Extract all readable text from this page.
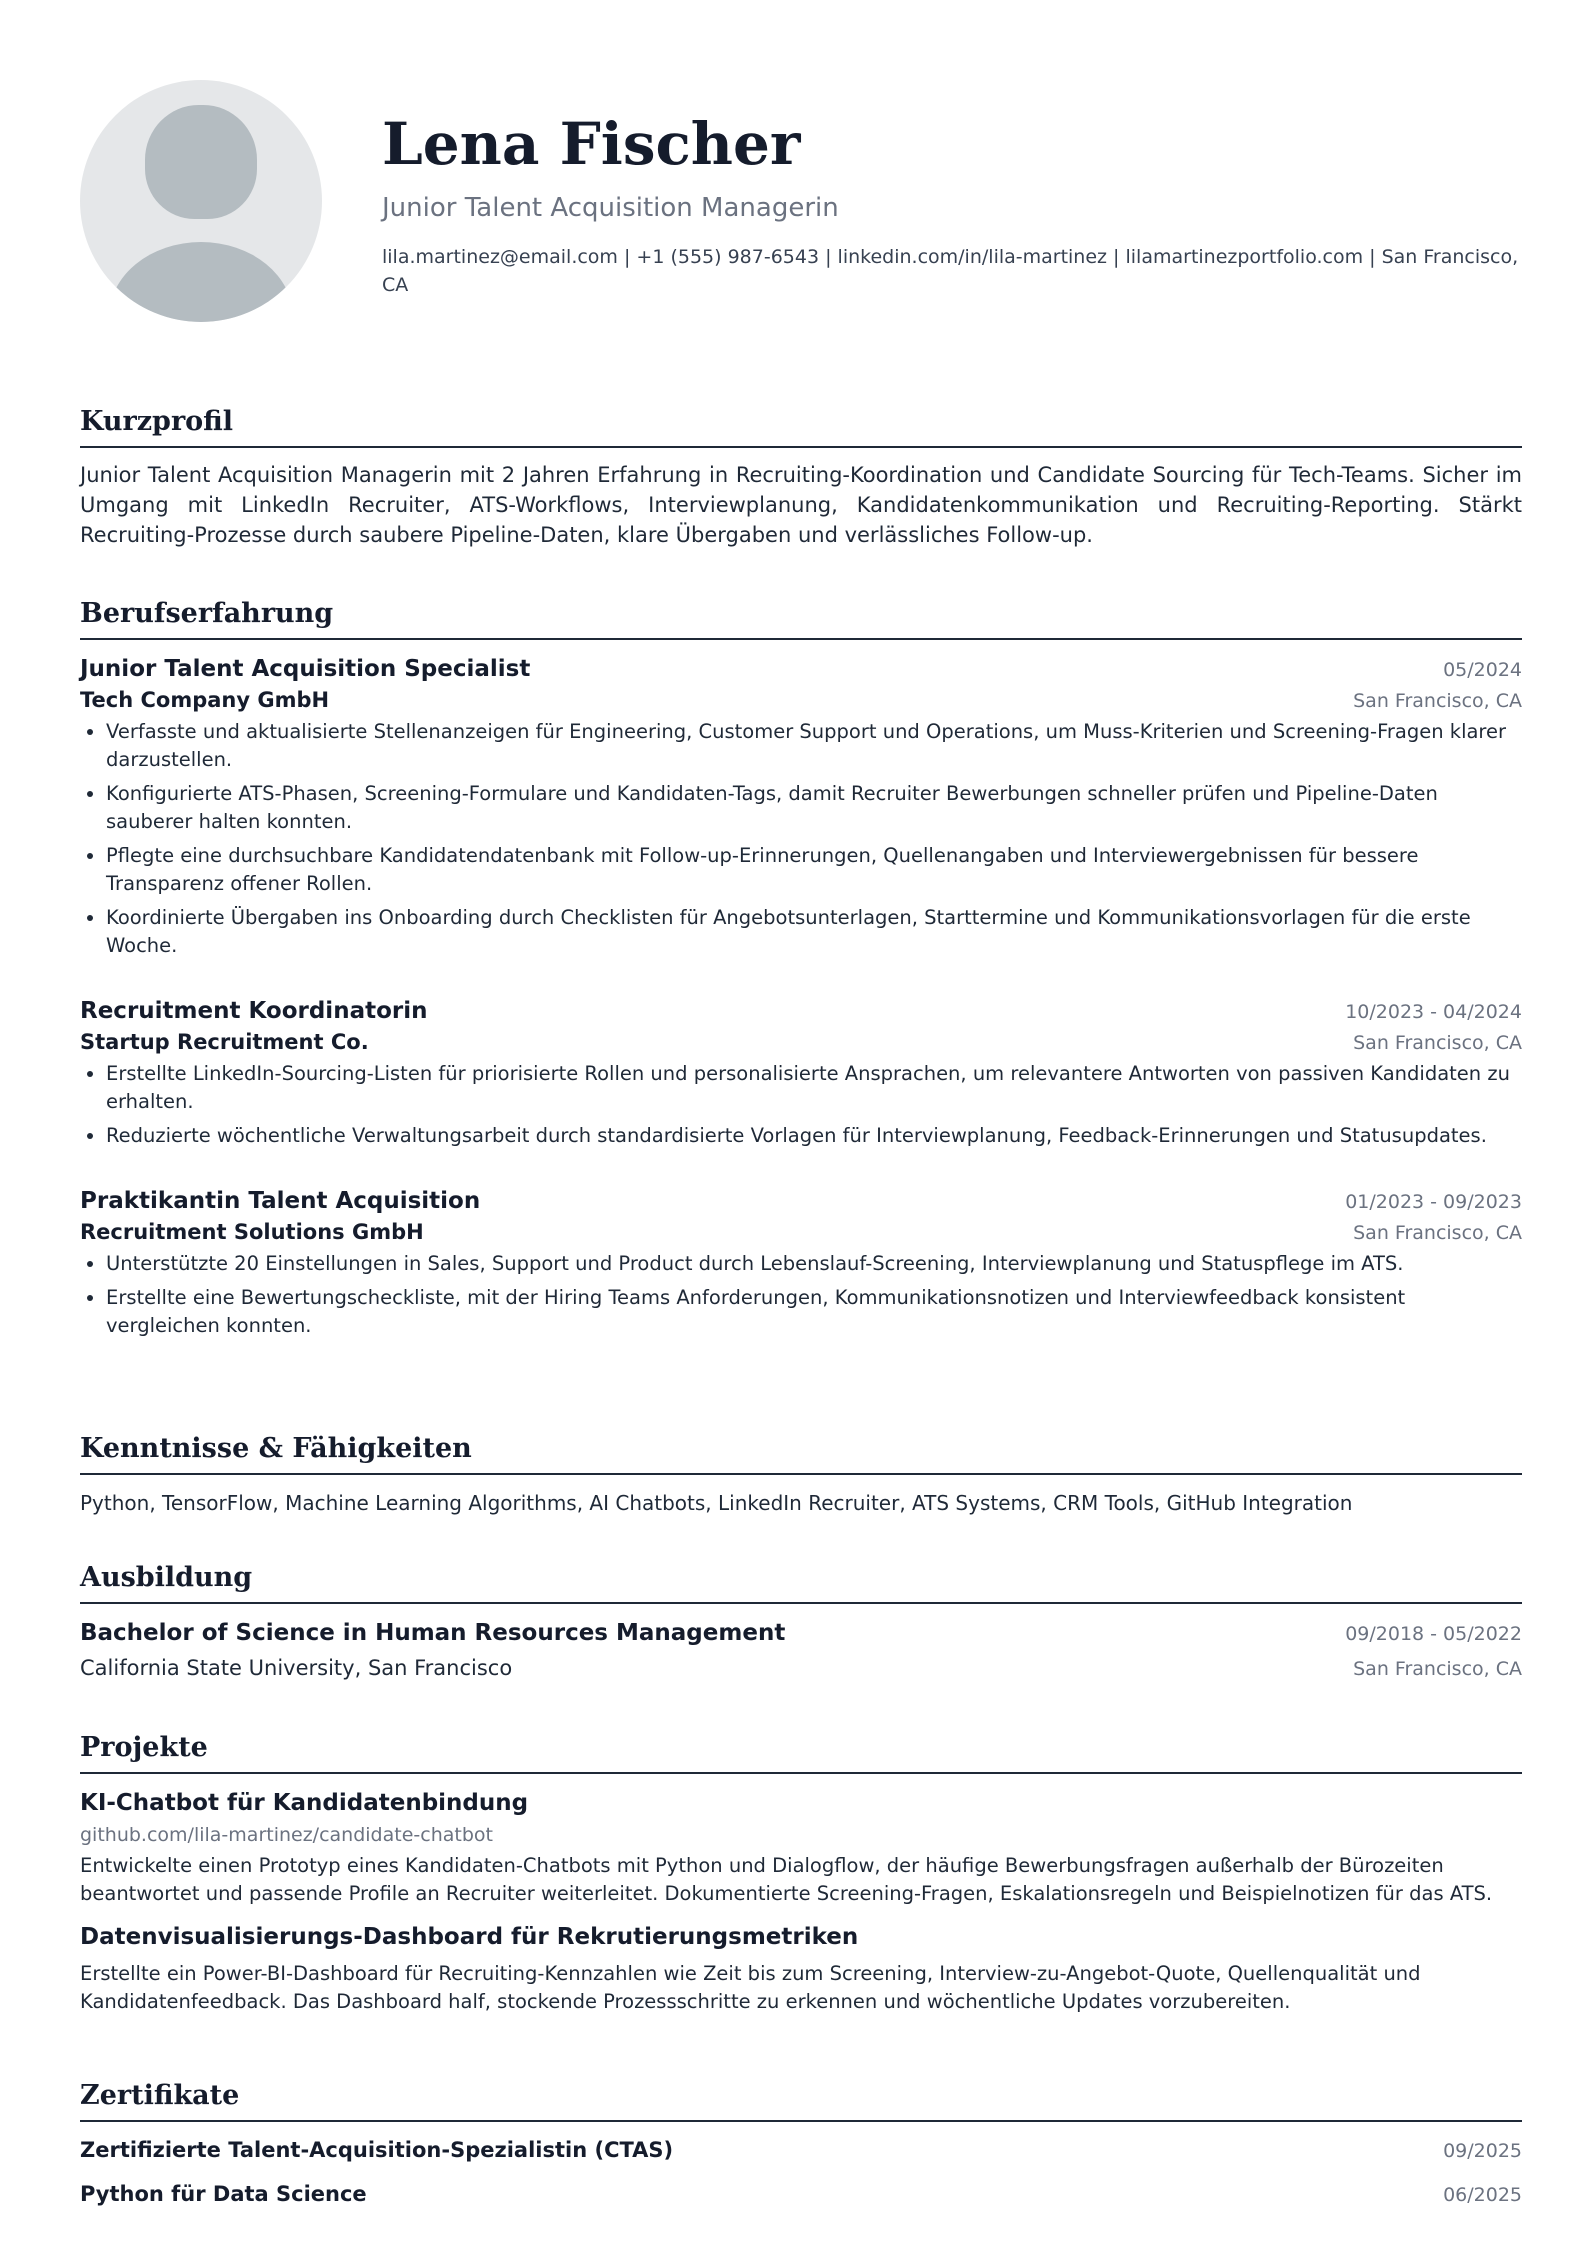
Lena Fischer
Junior Talent Acquisition Managerin
lila.martinez@email.com | +1 (555) 987-6543 | linkedin.com/in/lila-martinez | lilamartinezportfolio.com | San Francisco, CA
Kurzprofil
Junior Talent Acquisition Managerin mit 2 Jahren Erfahrung in Recruiting-Koordination und Candidate Sourcing für Tech-Teams. Sicher im Umgang mit LinkedIn Recruiter, ATS-Workflows, Interviewplanung, Kandidatenkommunikation und Recruiting-Reporting. Stärkt Recruiting-Prozesse durch saubere Pipeline-Daten, klare Übergaben und verlässliches Follow-up.
Berufserfahrung
Junior Talent Acquisition Specialist	05/2024
Tech Company GmbH	San Francisco, CA
• Verfasste und aktualisierte Stellenanzeigen für Engineering, Customer Support und Operations, um Muss-Kriterien und Screening-Fragen klarer darzustellen.
• Konfigurierte ATS-Phasen, Screening-Formulare und Kandidaten-Tags, damit Recruiter Bewerbungen schneller prüfen und Pipeline-Daten sauberer halten konnten.
• Pflegte eine durchsuchbare Kandidatendatenbank mit Follow-up-Erinnerungen, Quellenangaben und Interviewergebnissen für bessere Transparenz offener Rollen.
• Koordinierte Übergaben ins Onboarding durch Checklisten für Angebotsunterlagen, Starttermine und Kommunikationsvorlagen für die erste Woche.
Recruitment Koordinatorin	10/2023 - 04/2024
Startup Recruitment Co.	San Francisco, CA
• Erstellte LinkedIn-Sourcing-Listen für priorisierte Rollen und personalisierte Ansprachen, um relevantere Antworten von passiven Kandidaten zu erhalten.
• Reduzierte wöchentliche Verwaltungsarbeit durch standardisierte Vorlagen für Interviewplanung, Feedback-Erinnerungen und Statusupdates.
Praktikantin Talent Acquisition	01/2023 - 09/2023
Recruitment Solutions GmbH	San Francisco, CA
• Unterstützte 20 Einstellungen in Sales, Support und Product durch Lebenslauf-Screening, Interviewplanung und Statuspflege im ATS.
• Erstellte eine Bewertungscheckliste, mit der Hiring Teams Anforderungen, Kommunikationsnotizen und Interviewfeedback konsistent vergleichen konnten.
Kenntnisse & Fähigkeiten
Python, TensorFlow, Machine Learning Algorithms, AI Chatbots, LinkedIn Recruiter, ATS Systems, CRM Tools, GitHub Integration
Ausbildung
Bachelor of Science in Human Resources Management	09/2018 - 05/2022
California State University, San Francisco	San Francisco, CA
Projekte
KI-Chatbot für Kandidatenbindung
github.com/lila-martinez/candidate-chatbot
Entwickelte einen Prototyp eines Kandidaten-Chatbots mit Python und Dialogflow, der häufige Bewerbungsfragen außerhalb der Bürozeiten beantwortet und passende Profile an Recruiter weiterleitet. Dokumentierte Screening-Fragen, Eskalationsregeln und Beispielnotizen für das ATS.
Datenvisualisierungs-Dashboard für Rekrutierungsmetriken
Erstellte ein Power-BI-Dashboard für Recruiting-Kennzahlen wie Zeit bis zum Screening, Interview-zu-Angebot-Quote, Quellenqualität und Kandidatenfeedback. Das Dashboard half, stockende Prozessschritte zu erkennen und wöchentliche Updates vorzubereiten.
Zertifikate
Zertifizierte Talent-Acquisition-Spezialistin (CTAS)	09/2025
Python für Data Science	06/2025
